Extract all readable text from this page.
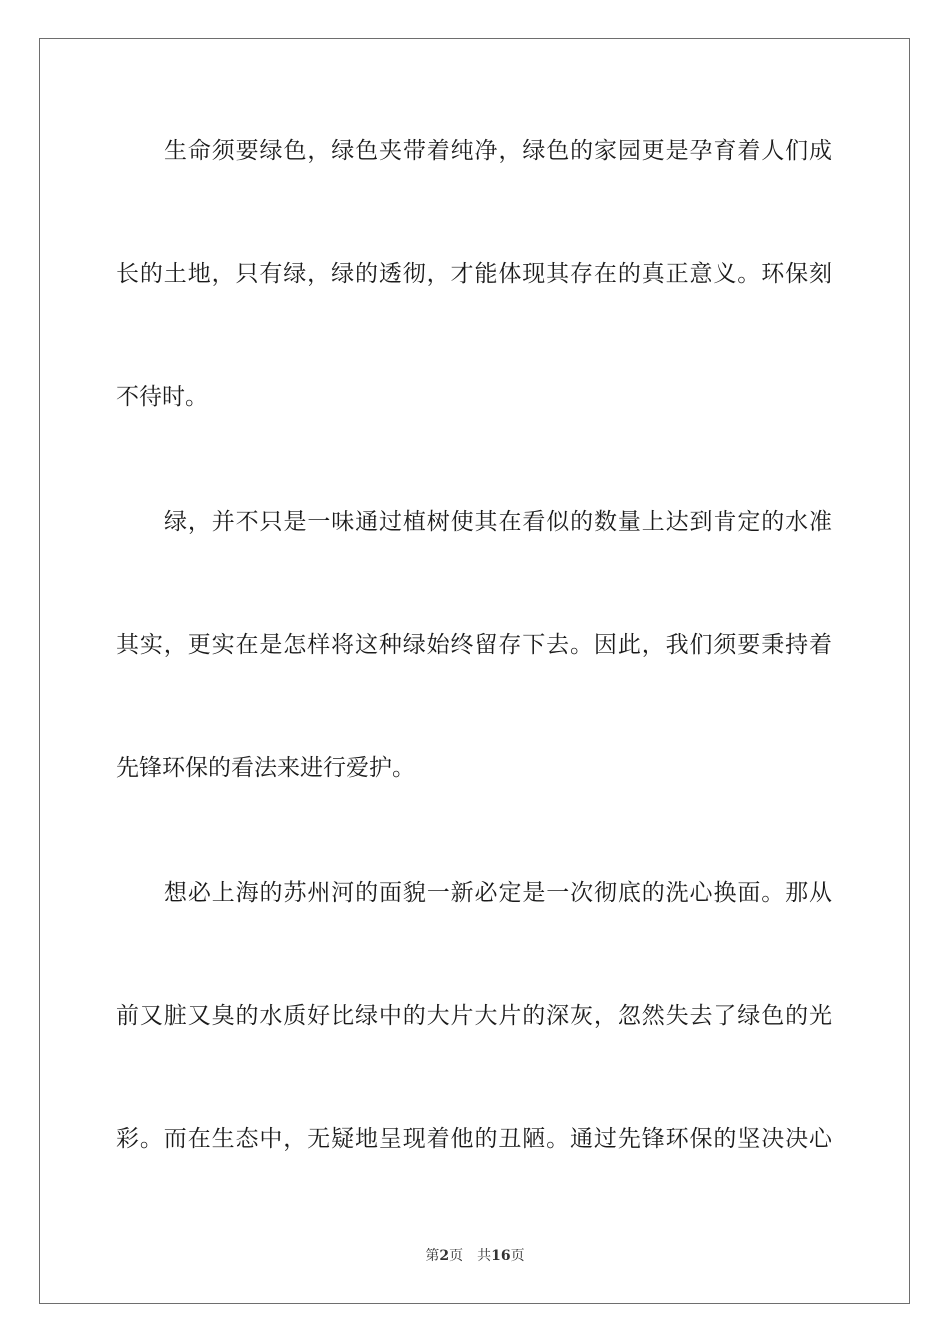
生命须要绿色，绿色夹带着纯净，绿色的家园更是孕育着人们成
长的土地，只有绿，绿的透彻，才能体现其存在的真正意义。环保刻
不待时。
绿，并不只是一味通过植树使其在看似的数量上达到肯定的水准
其实，更实在是怎样将这种绿始终留存下去。因此，我们须要秉持着
先锋环保的看法来进行爱护。
想必上海的苏州河的面貌一新必定是一次彻底的洗心换面。那从
前又脏又臭的水质好比绿中的大片大片的深灰，忽然失去了绿色的光
彩。而在生态中，无疑地呈现着他的丑陋。通过先锋环保的坚决决心
第2页 共16页
